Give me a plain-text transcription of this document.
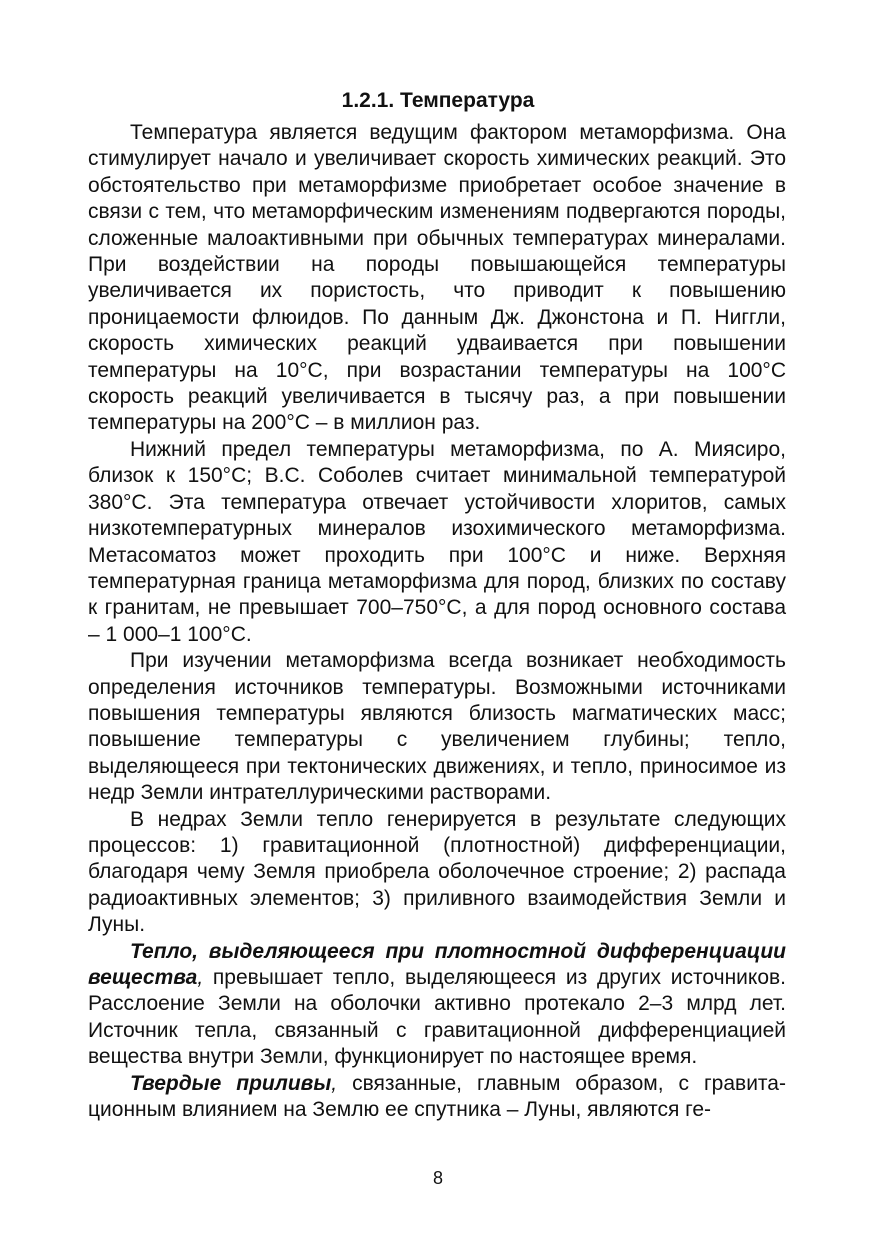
1.2.1. Температура

Температура является ведущим фактором метаморфизма. Она стимулирует начало и увеличивает скорость химических реакций. Это обстоятельство при метаморфизме приобретает особое значение в связи с тем, что метаморфическим изменениям подвергаются породы, сложенные малоактивными при обычных температурах минералами. При воздействии на породы повышающейся температуры увеличивается их пористость, что приводит к повышению проницаемости флюидов. По данным Дж. Джонстона и П. Ниггли, скорость химических реакций удваивается при повышении температуры на 10°С, при возрастании температуры на 100°С скорость реакций увеличивается в тысячу раз, а при повышении температуры на 200°С – в миллион раз.

Нижний предел температуры метаморфизма, по А. Миясиро, близок к 150°С; В.С. Соболев считает минимальной температурой 380°С. Эта температура отвечает устойчивости хлоритов, самых низкотемпературных минералов изохимического метаморфизма. Метасоматоз может проходить при 100°С и ниже. Верхняя температурная граница метаморфизма для пород, близких по составу к гранитам, не превышает 700–750°С, а для пород основного состава – 1 000–1 100°С.

При изучении метаморфизма всегда возникает необходимость определения источников температуры. Возможными источниками повышения температуры являются близость магматических масс; повышение температуры с увеличением глубины; тепло, выделяющееся при тектонических движениях, и тепло, приносимое из недр Земли интрателлурическими растворами.

В недрах Земли тепло генерируется в результате следующих процессов: 1) гравитационной (плотностной) дифференциации, благодаря чему Земля приобрела оболочечное строение; 2) распада радиоактивных элементов; 3) приливного взаимодействия Земли и Луны.

Тепло, выделяющееся при плотностной дифференциации вещества, превышает тепло, выделяющееся из других источников. Расслоение Земли на оболочки активно протекало 2–3 млрд лет. Источник тепла, связанный с гравитационной дифференциацией вещества внутри Земли, функционирует по настоящее время.

Твердые приливы, связанные, главным образом, с гравитационным влиянием на Землю ее спутника – Луны, являются ге-

8
